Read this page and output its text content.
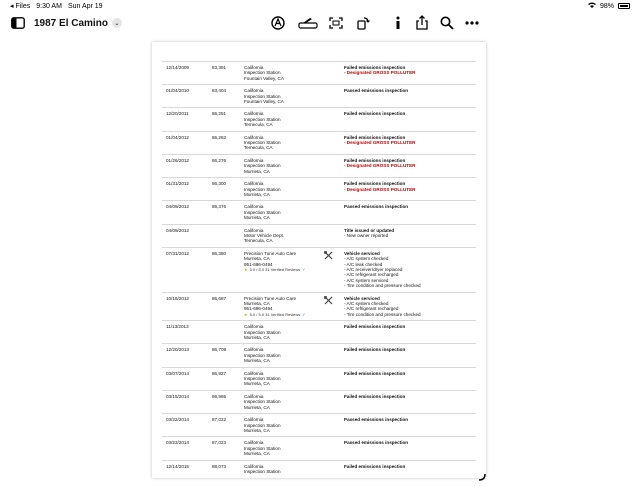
◂ Files 9:30 AM Sun Apr 19	98%
1987 El Camino	⌄
12/14/2009	83,391	California
Inspection Station
Fountain Valley, CA
Failed emissions inspection
- Designated GROSS POLLUTER
01/04/2010	83,404	California
Inspection Station
Fountain Valley, CA
Passed emissions inspection
12/20/2011	86,251	California
Inspection Station
Temecula, CA
Failed emissions inspection
01/04/2012	86,263	California
Inspection Station
Temecula, CA
Failed emissions inspection
- Designated GROSS POLLUTER
01/26/2012	86,276	California
Inspection Station
Murrieta, CA
Failed emissions inspection
- Designated GROSS POLLUTER
01/31/2012	86,300	California
Inspection Station
Murrieta, CA
Failed emissions inspection
- Designated GROSS POLLUTER
04/09/2012	86,376	California
Inspection Station
Murrieta, CA
Passed emissions inspection
04/09/2012	California
Motor Vehicle Dept.
Temecula, CA
Title issued or updated
- New owner reported
07/31/2012	86,380	Precision Tune Auto Care
Murrieta, CA
951-696-0494
★ 5.0 / 5.0 31 Verified Reviews ✓
Vehicle serviced
- A/C system checked
- A/C leak checked
- A/C receiver/dryer replaced
- A/C refrigerant recharged
- A/C system serviced
- Tire condition and pressure checked
10/16/2012	86,687	Precision Tune Auto Care
Murrieta, CA
951-696-0494
★ 5.0 / 5.0 31 Verified Reviews ✓
Vehicle serviced
- A/C system checked
- A/C refrigerant recharged
- Tire condition and pressure checked
11/13/2013	California
Inspection Station
Murrieta, CA
Failed emissions inspection
12/20/2013	86,709	California
Inspection Station
Murrieta, CA
Failed emissions inspection
03/07/2014	86,927	California
Inspection Station
Murrieta, CA
Failed emissions inspection
03/15/2014	86,965	California
Inspection Station
Murrieta, CA
Failed emissions inspection
03/22/2014	87,022	California
Inspection Station
Murrieta, CA
Passed emissions inspection
03/22/2014	87,023	California
Inspection Station
Murrieta, CA
Passed emissions inspection
12/14/2015	88,073	California
Inspection Station
Failed emissions inspection
